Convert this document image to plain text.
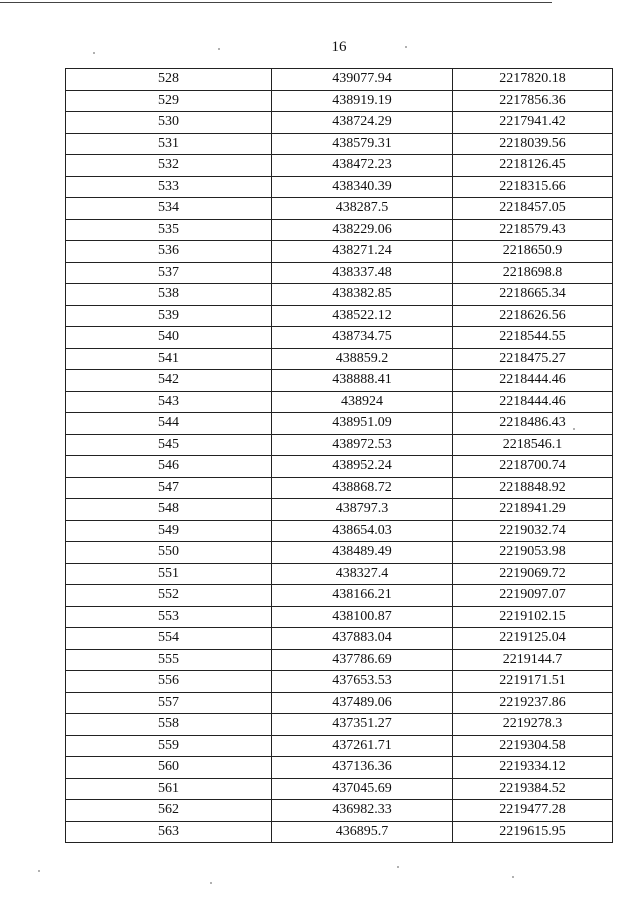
16
528	439077.94	2217820.18
529	438919.19	2217856.36
530	438724.29	2217941.42
531	438579.31	2218039.56
532	438472.23	2218126.45
533	438340.39	2218315.66
534	438287.5	2218457.05
535	438229.06	2218579.43
536	438271.24	2218650.9
537	438337.48	2218698.8
538	438382.85	2218665.34
539	438522.12	2218626.56
540	438734.75	2218544.55
541	438859.2	2218475.27
542	438888.41	2218444.46
543	438924	2218444.46
544	438951.09	2218486.43
545	438972.53	2218546.1
546	438952.24	2218700.74
547	438868.72	2218848.92
548	438797.3	2218941.29
549	438654.03	2219032.74
550	438489.49	2219053.98
551	438327.4	2219069.72
552	438166.21	2219097.07
553	438100.87	2219102.15
554	437883.04	2219125.04
555	437786.69	2219144.7
556	437653.53	2219171.51
557	437489.06	2219237.86
558	437351.27	2219278.3
559	437261.71	2219304.58
560	437136.36	2219334.12
561	437045.69	2219384.52
562	436982.33	2219477.28
563	436895.7	2219615.95
